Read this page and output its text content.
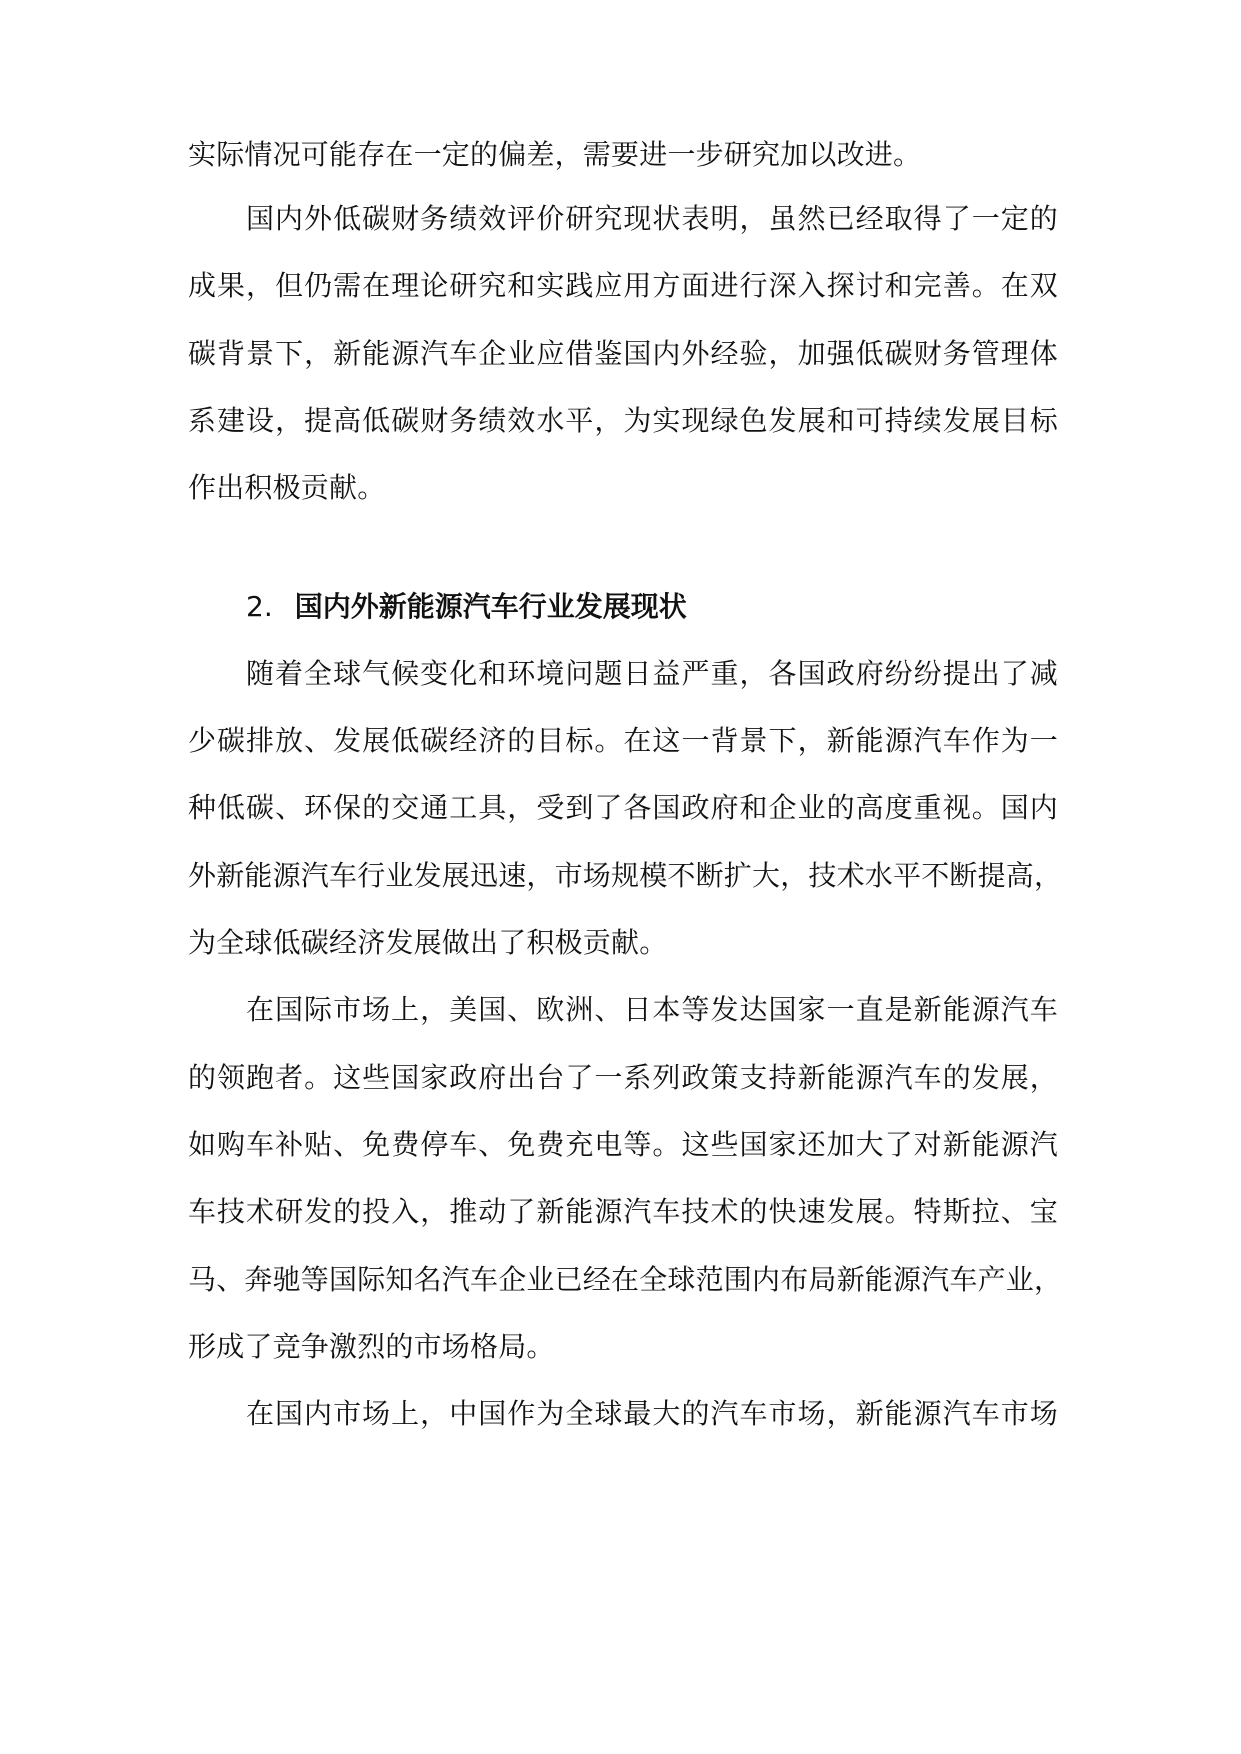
实际情况可能存在一定的偏差，需要进一步研究加以改进。
国内外低碳财务绩效评价研究现状表明，虽然已经取得了一定的
成果，但仍需在理论研究和实践应用方面进行深入探讨和完善。在双
碳背景下，新能源汽车企业应借鉴国内外经验，加强低碳财务管理体
系建设，提高低碳财务绩效水平，为实现绿色发展和可持续发展目标
作出积极贡献。
2. 国内外新能源汽车行业发展现状
随着全球气候变化和环境问题日益严重，各国政府纷纷提出了减
少碳排放、发展低碳经济的目标。在这一背景下，新能源汽车作为一
种低碳、环保的交通工具，受到了各国政府和企业的高度重视。国内
外新能源汽车行业发展迅速，市场规模不断扩大，技术水平不断提高，
为全球低碳经济发展做出了积极贡献。
在国际市场上，美国、欧洲、日本等发达国家一直是新能源汽车
的领跑者。这些国家政府出台了一系列政策支持新能源汽车的发展，
如购车补贴、免费停车、免费充电等。这些国家还加大了对新能源汽
车技术研发的投入，推动了新能源汽车技术的快速发展。特斯拉、宝
马、奔驰等国际知名汽车企业已经在全球范围内布局新能源汽车产业，
形成了竞争激烈的市场格局。
在国内市场上，中国作为全球最大的汽车市场，新能源汽车市场
